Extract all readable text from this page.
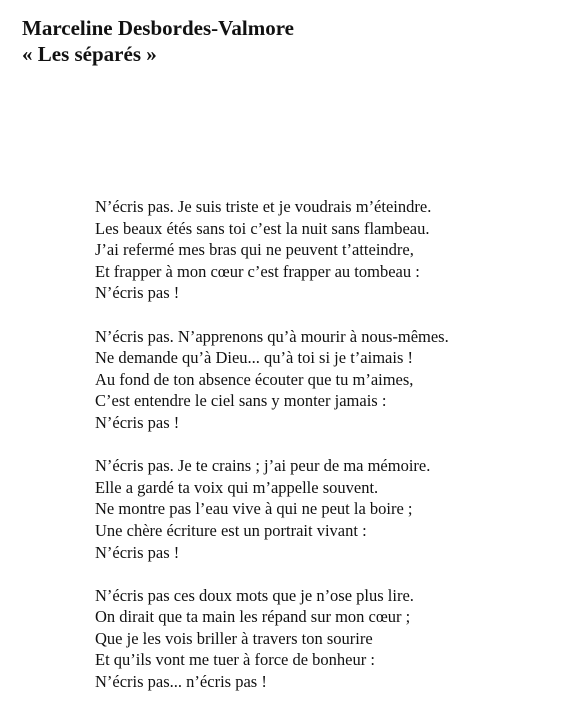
Marceline Desbordes-Valmore
« Les séparés »
N’écris pas. Je suis triste et je voudrais m’éteindre.
Les beaux étés sans toi c’est la nuit sans flambeau.
J’ai refermé mes bras qui ne peuvent t’atteindre,
Et frapper à mon cœur c’est frapper au tombeau :
N’écris pas !
N’écris pas. N’apprenons qu’à mourir à nous-mêmes.
Ne demande qu’à Dieu... qu’à toi si je t’aimais !
Au fond de ton absence écouter que tu m’aimes,
C’est entendre le ciel sans y monter jamais :
N’écris pas !
N’écris pas. Je te crains ; j’ai peur de ma mémoire.
Elle a gardé ta voix qui m’appelle souvent.
Ne montre pas l’eau vive à qui ne peut la boire ;
Une chère écriture est un portrait vivant :
N’écris pas !
N’écris pas ces doux mots que je n’ose plus lire.
On dirait que ta main les répand sur mon cœur ;
Que je les vois briller à travers ton sourire
Et qu’ils vont me tuer à force de bonheur :
N’écris pas... n’écris pas !
